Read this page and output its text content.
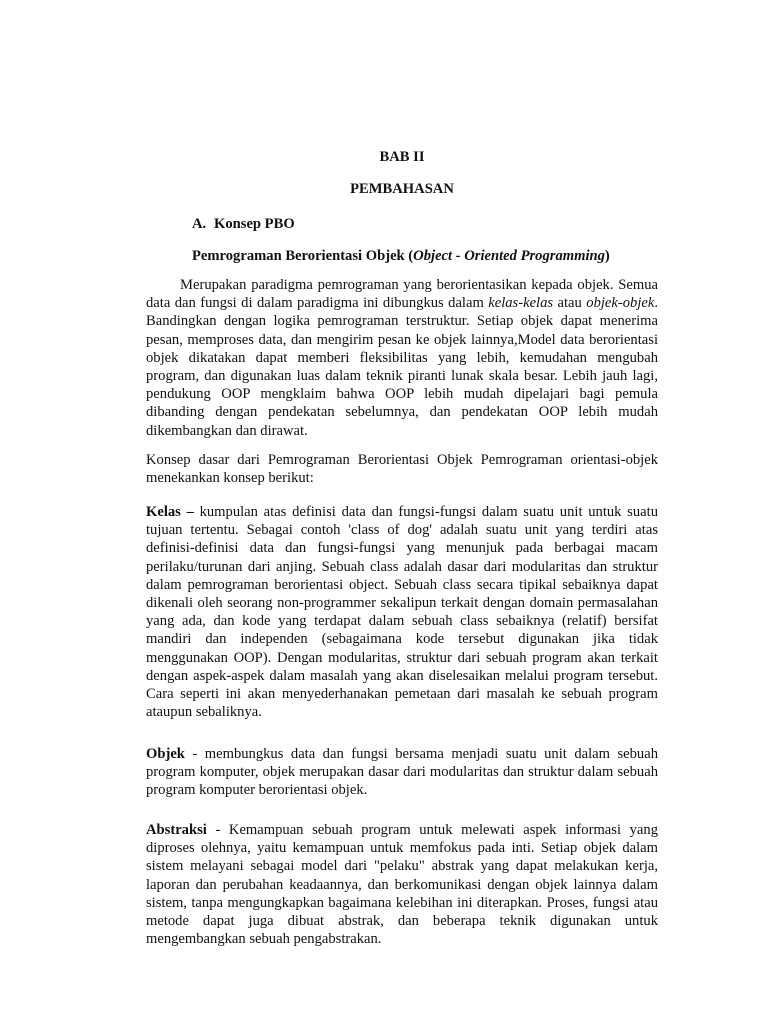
BAB II
PEMBAHASAN
A. Konsep PBO
Pemrograman Berorientasi Objek (Object - Oriented Programming)

Merupakan paradigma pemrograman yang berorientasikan kepada objek. Semua data dan fungsi di dalam paradigma ini dibungkus dalam kelas-kelas atau objek-objek. Bandingkan dengan logika pemrograman terstruktur. Setiap objek dapat menerima pesan, memproses data, dan mengirim pesan ke objek lainnya,Model data berorientasi objek dikatakan dapat memberi fleksibilitas yang lebih, kemudahan mengubah program, dan digunakan luas dalam teknik piranti lunak skala besar. Lebih jauh lagi, pendukung OOP mengklaim bahwa OOP lebih mudah dipelajari bagi pemula dibanding dengan pendekatan sebelumnya, dan pendekatan OOP lebih mudah dikembangkan dan dirawat.

Konsep dasar dari Pemrograman Berorientasi Objek Pemrograman orientasi-objek menekankan konsep berikut:

Kelas – kumpulan atas definisi data dan fungsi-fungsi dalam suatu unit untuk suatu tujuan tertentu. Sebagai contoh 'class of dog' adalah suatu unit yang terdiri atas definisi-definisi data dan fungsi-fungsi yang menunjuk pada berbagai macam perilaku/turunan dari anjing. Sebuah class adalah dasar dari modularitas dan struktur dalam pemrograman berorientasi object. Sebuah class secara tipikal sebaiknya dapat dikenali oleh seorang non-programmer sekalipun terkait dengan domain permasalahan yang ada, dan kode yang terdapat dalam sebuah class sebaiknya (relatif) bersifat mandiri dan independen (sebagaimana kode tersebut digunakan jika tidak menggunakan OOP). Dengan modularitas, struktur dari sebuah program akan terkait dengan aspek-aspek dalam masalah yang akan diselesaikan melalui program tersebut. Cara seperti ini akan menyederhanakan pemetaan dari masalah ke sebuah program ataupun sebaliknya.

Objek - membungkus data dan fungsi bersama menjadi suatu unit dalam sebuah program komputer, objek merupakan dasar dari modularitas dan struktur dalam sebuah program komputer berorientasi objek.

Abstraksi - Kemampuan sebuah program untuk melewati aspek informasi yang diproses olehnya, yaitu kemampuan untuk memfokus pada inti. Setiap objek dalam sistem melayani sebagai model dari "pelaku" abstrak yang dapat melakukan kerja, laporan dan perubahan keadaannya, dan berkomunikasi dengan objek lainnya dalam sistem, tanpa mengungkapkan bagaimana kelebihan ini diterapkan. Proses, fungsi atau metode dapat juga dibuat abstrak, dan beberapa teknik digunakan untuk mengembangkan sebuah pengabstrakan.
